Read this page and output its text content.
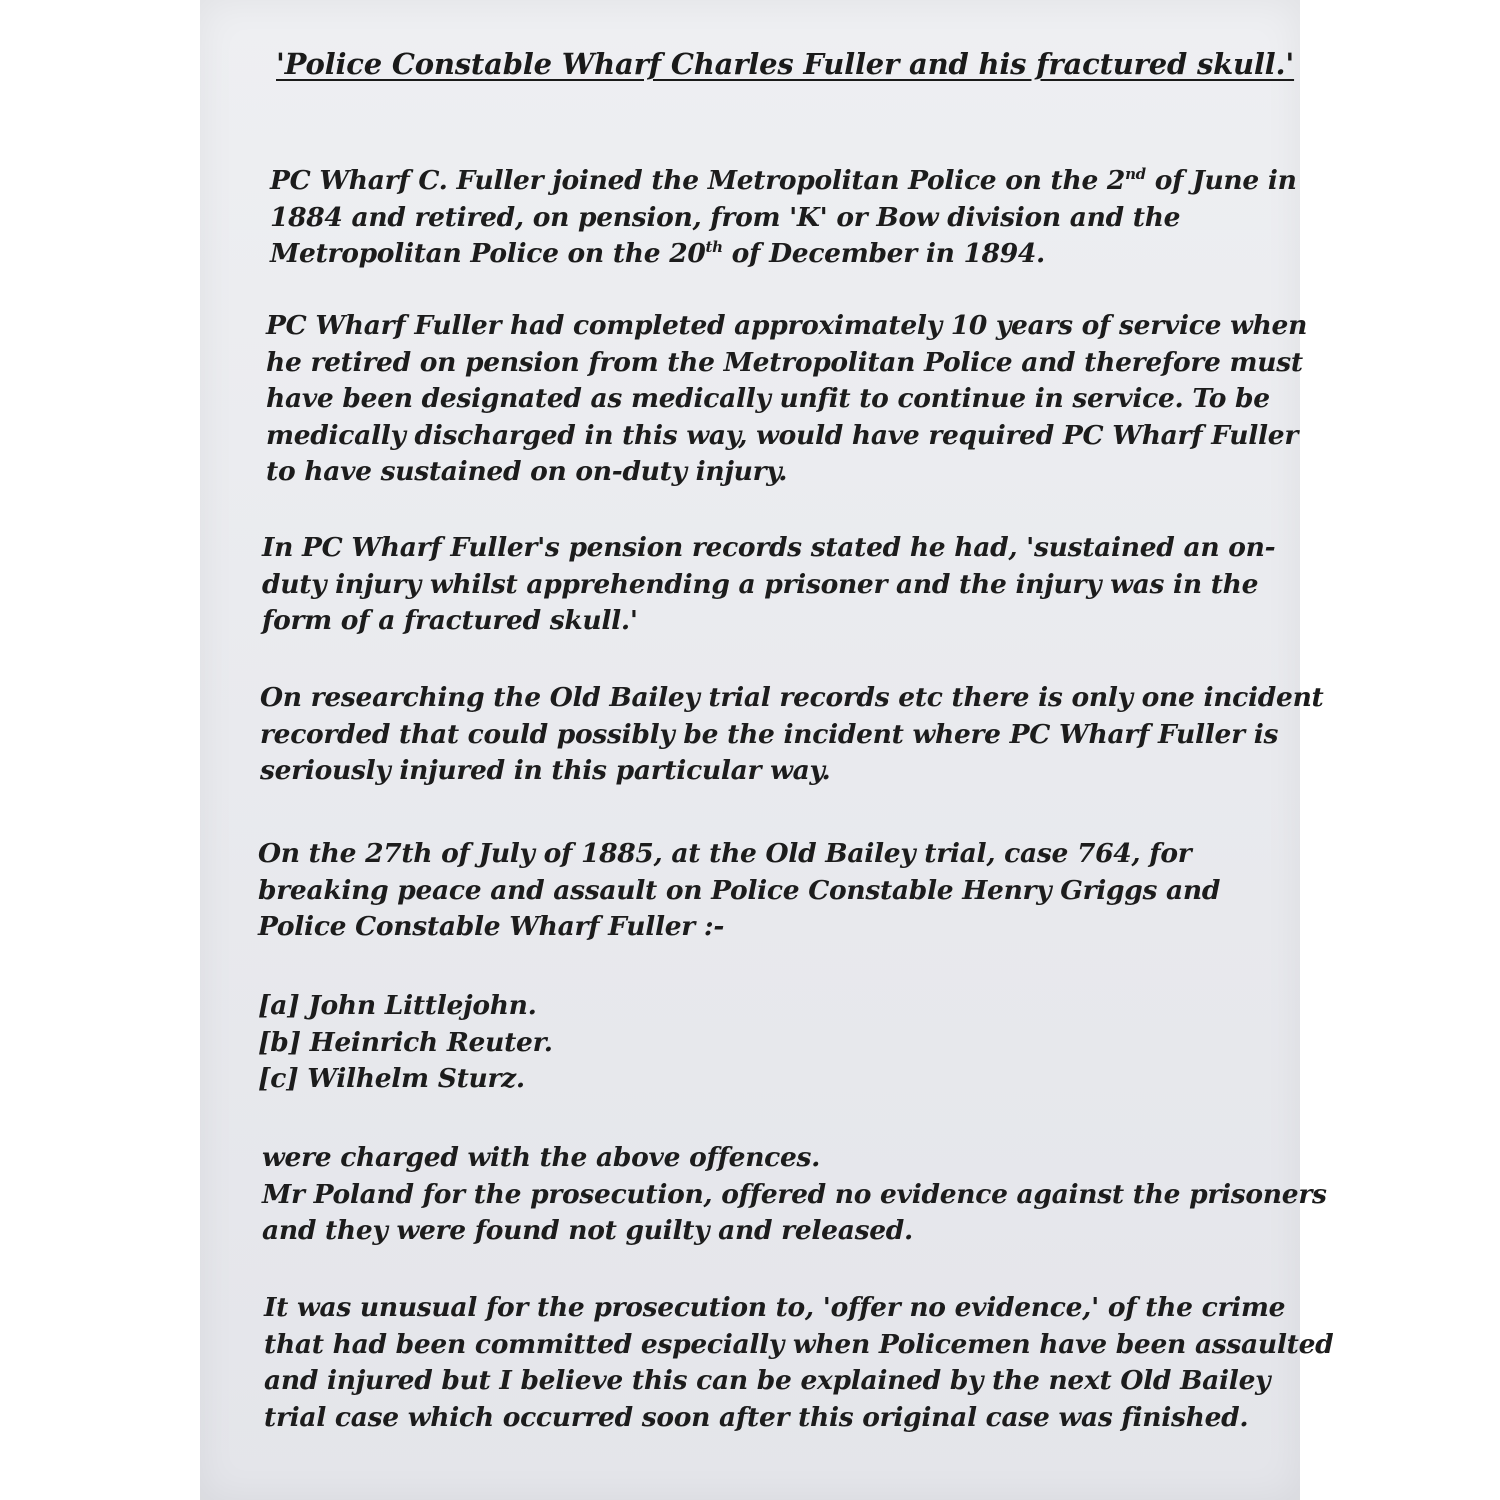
'Police Constable Wharf Charles Fuller and his fractured skull.'

PC Wharf C. Fuller joined the Metropolitan Police on the 2nd of June in
1884 and retired, on pension, from 'K' or Bow division and the
Metropolitan Police on the 20th of December in 1894.

PC Wharf Fuller had completed approximately 10 years of service when
he retired on pension from the Metropolitan Police and therefore must
have been designated as medically unfit to continue in service. To be
medically discharged in this way, would have required PC Wharf Fuller
to have sustained on on-duty injury.

In PC Wharf Fuller's pension records stated he had, 'sustained an on-
duty injury whilst apprehending a prisoner and the injury was in the
form of a fractured skull.'

On researching the Old Bailey trial records etc there is only one incident
recorded that could possibly be the incident where PC Wharf Fuller is
seriously injured in this particular way.

On the 27th of July of 1885, at the Old Bailey trial, case 764, for
breaking peace and assault on Police Constable Henry Griggs and
Police Constable Wharf Fuller :-

[a] John Littlejohn.
[b] Heinrich Reuter.
[c] Wilhelm Sturz.

were charged with the above offences.
Mr Poland for the prosecution, offered no evidence against the prisoners
and they were found not guilty and released.

It was unusual for the prosecution to, 'offer no evidence,' of the crime
that had been committed especially when Policemen have been assaulted
and injured but I believe this can be explained by the next Old Bailey
trial case which occurred soon after this original case was finished.
